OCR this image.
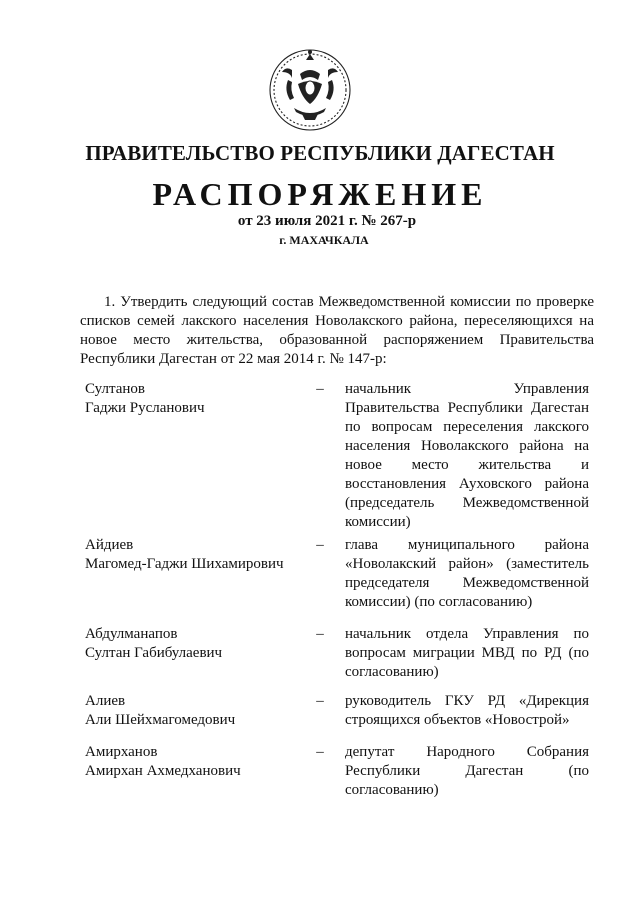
ПРАВИТЕЛЬСТВО РЕСПУБЛИКИ ДАГЕСТАН
РАСПОРЯЖЕНИЕ
от 23 июля 2021 г. № 267-р
г. МАХАЧКАЛА
1. Утвердить следующий состав Межведомственной комиссии по проверке
списков семей лакского населения Новолакского района, переселяющихся на
новое место жительства, образованной распоряжением Правительства
Республики Дагестан от 22 мая 2014 г. № 147-р:
Султанов
Гаджи Русланович
– начальник Управления
Правительства Республики Дагестан
по вопросам переселения лакского
населения Новолакского района на
новое место жительства и
восстановления Ауховского района
(председатель Межведомственной
комиссии)
Айдиев
Магомед-Гаджи Шихамирович
– глава муниципального района
«Новолакский район» (заместитель
председателя Межведомственной
комиссии) (по согласованию)
Абдулманапов
Султан Габибулаевич
– начальник отдела Управления по
вопросам миграции МВД по РД (по
согласованию)
Алиев
Али Шейхмагомедович
– руководитель ГКУ РД «Дирекция
строящихся объектов «Новострой»
Амирханов
Амирхан Ахмедханович
– депутат Народного Собрания
Республики Дагестан (по
согласованию)
